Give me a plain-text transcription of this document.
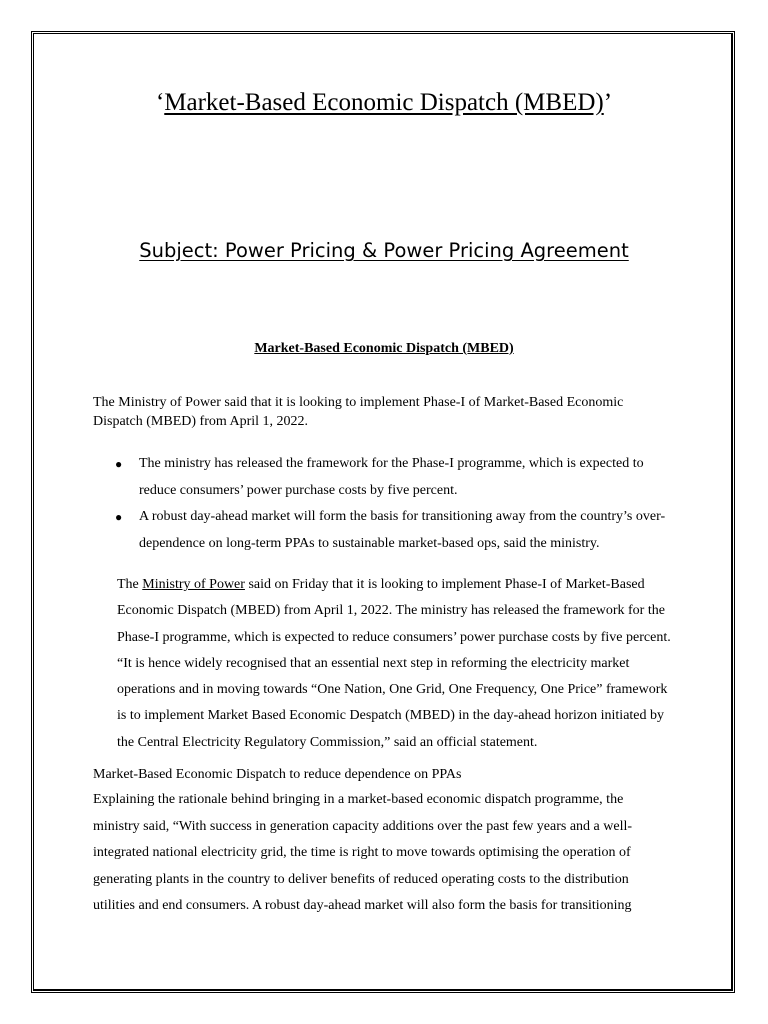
‘Market-Based Economic Dispatch (MBED)’
Subject: Power Pricing & Power Pricing Agreement
Market-Based Economic Dispatch (MBED)
The Ministry of Power said that it is looking to implement Phase-I of Market-Based Economic Dispatch (MBED) from April 1, 2022.
● The ministry has released the framework for the Phase-I programme, which is expected to reduce consumers’ power purchase costs by five percent.
● A robust day-ahead market will form the basis for transitioning away from the country’s over-dependence on long-term PPAs to sustainable market-based ops, said the ministry.
The Ministry of Power said on Friday that it is looking to implement Phase-I of Market-Based Economic Dispatch (MBED) from April 1, 2022. The ministry has released the framework for the Phase-I programme, which is expected to reduce consumers’ power purchase costs by five percent. “It is hence widely recognised that an essential next step in reforming the electricity market operations and in moving towards “One Nation, One Grid, One Frequency, One Price” framework is to implement Market Based Economic Despatch (MBED) in the day-ahead horizon initiated by the Central Electricity Regulatory Commission,” said an official statement.
Market-Based Economic Dispatch to reduce dependence on PPAs
Explaining the rationale behind bringing in a market-based economic dispatch programme, the ministry said, “With success in generation capacity additions over the past few years and a well-integrated national electricity grid, the time is right to move towards optimising the operation of generating plants in the country to deliver benefits of reduced operating costs to the distribution utilities and end consumers. A robust day-ahead market will also form the basis for transitioning
